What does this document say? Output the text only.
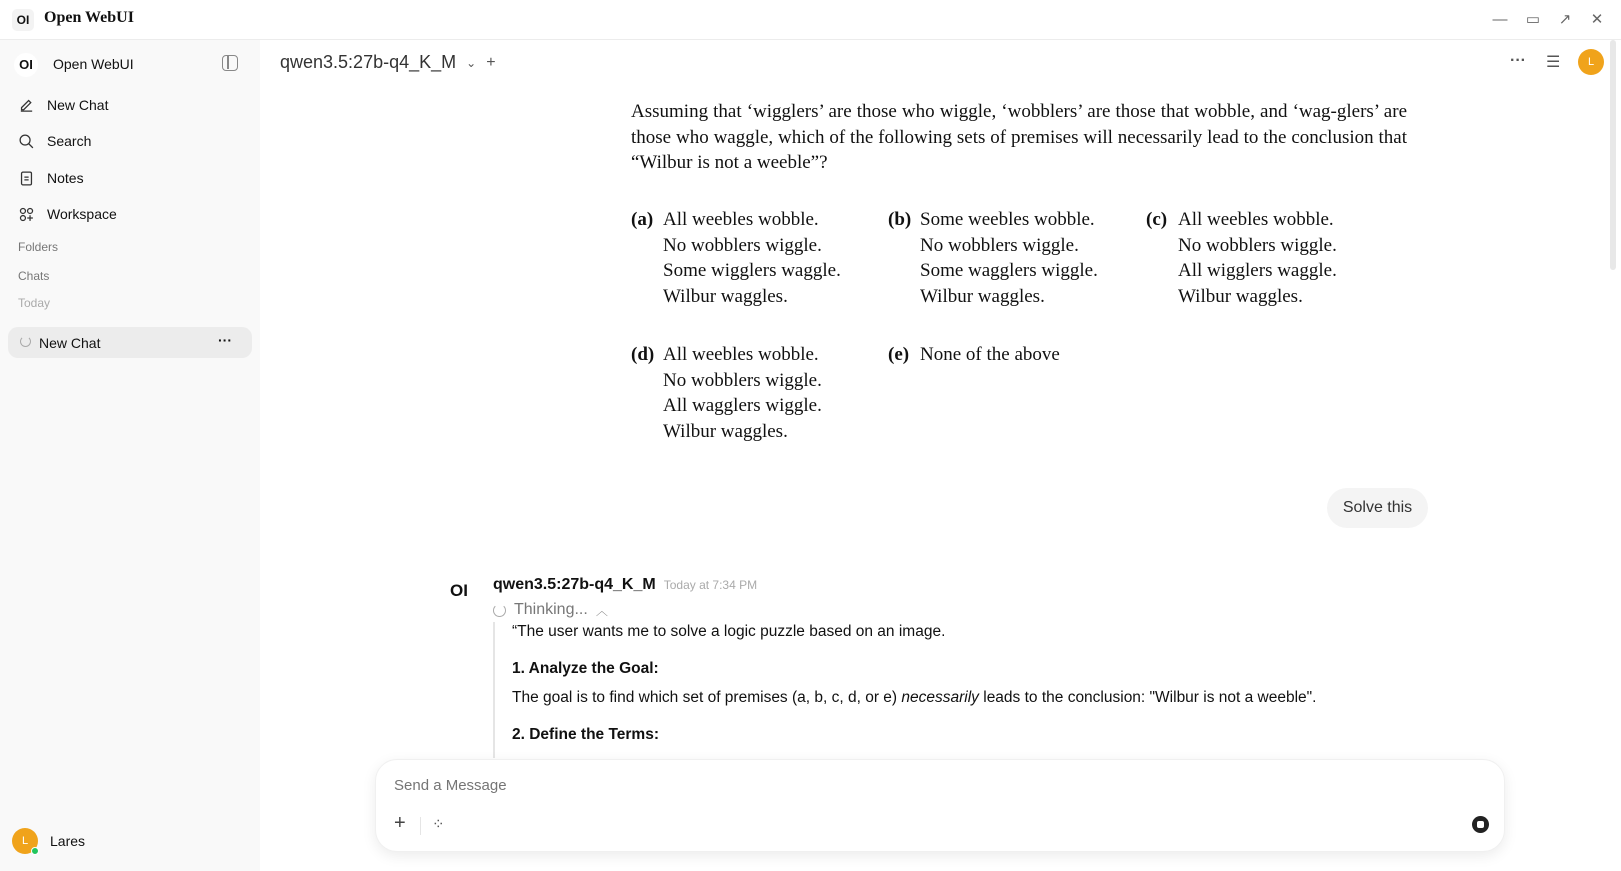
OI Open WebUI	— ▭	↗	✕
OI	Open WebUI
New Chat
Search
Notes
Workspace
Folders
Chats
Today
New Chat	···
L	Lares
qwen3.5:27b-q4_K_M ⌄ +	··· ☰	L
Assuming that ‘wigglers’ are those who wiggle, ‘wobblers’ are those that wobble, and ‘wag-glers’ are those who waggle, which of the following sets of premises will necessarily lead to the conclusion that “Wilbur is not a weeble”?
(a) All weebles wobble.
No wobblers wiggle.
Some wigglers waggle.
Wilbur waggles.
(b) Some weebles wobble.
No wobblers wiggle.
Some wagglers wiggle.
Wilbur waggles.
(c) All weebles wobble.
No wobblers wiggle.
All wigglers waggle.
Wilbur waggles.
(d) All weebles wobble.
No wobblers wiggle.
All wagglers wiggle.
Wilbur waggles.
(e) None of the above
Solve this
OI qwen3.5:27b-q4_K_M Today at 7:34 PM
Thinking... ︿

“The user wants me to solve a logic puzzle based on an image.

1. Analyze the Goal:

The goal is to find which set of premises (a, b, c, d, or e) necessarily leads to the conclusion: "Wilbur is not a weeble".

2. Define the Terms:

Send a Message
+ ⁘
